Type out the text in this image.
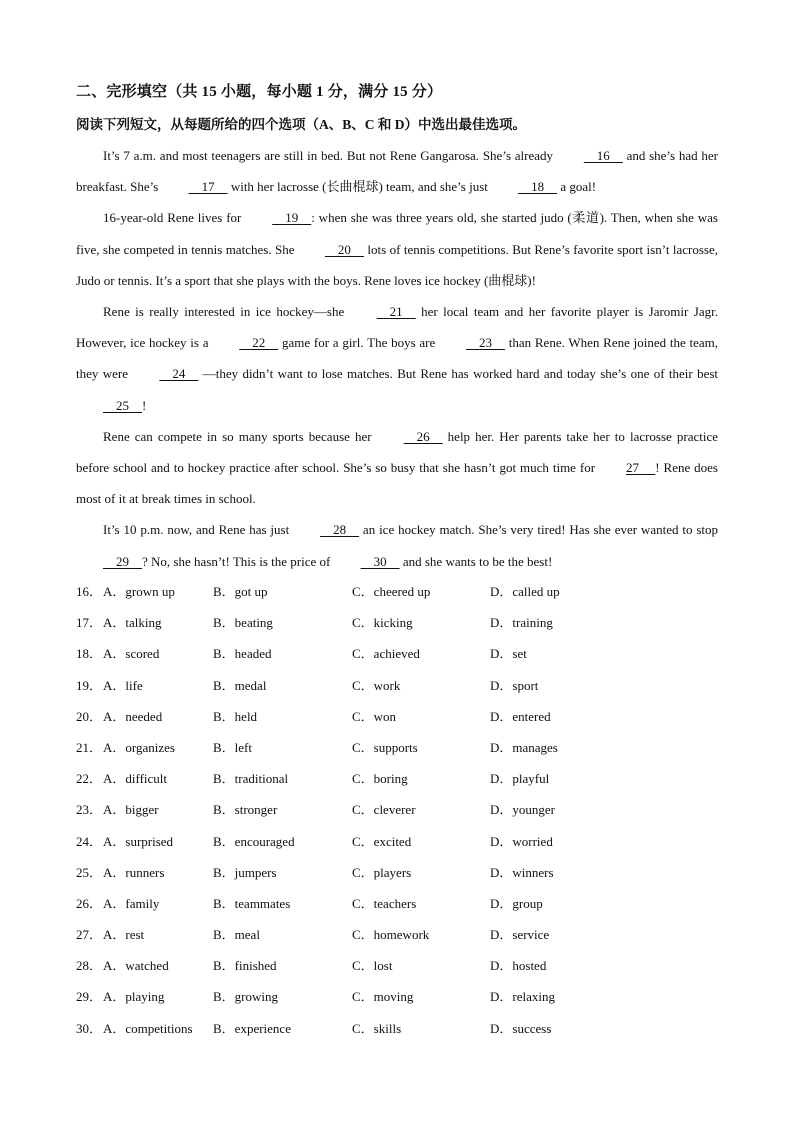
二、完形填空（共 15 小题，每小题 1 分，满分 15 分）
阅读下列短文，从每题所给的四个选项（A、B、C 和 D）中选出最佳选项。

It’s 7 a.m. and most teenagers are still in bed. But not Rene Gangarosa. She’s already     16     and she’s had her breakfast. She’s     17     with her lacrosse (长曲棍球) team, and she’s just     18     a goal!

16-year-old Rene lives for     19    : when she was three years old, she started judo (柔道). Then, when she was five, she competed in tennis matches. She     20     lots of tennis competitions. But Rene’s favorite sport isn’t lacrosse, Judo or tennis. It’s a sport that she plays with the boys. Rene loves ice hockey (曲棍球)!

Rene is really interested in ice hockey—she     21     her local team and her favorite player is Jaromir Jagr. However, ice hockey is a     22     game for a girl. The boys are     23     than Rene. When Rene joined the team, they were     24     —they didn’t want to lose matches. But Rene has worked hard and today she’s one of their best     25    !

Rene can compete in so many sports because her     26     help her. Her parents take her to lacrosse practice before school and to hockey practice after school. She’s so busy that she hasn’t got much time for 27     ! Rene does most of it at break times in school.

It’s 10 p.m. now, and Rene has just     28     an ice hockey match. She’s very tired! Has she ever wanted to stop     29    ? No, she hasn’t! This is the price of     30     and she wants to be the best!

16． A．grown up	B．got up	C．cheered up	D．called up
17． A．talking	B．beating	C．kicking	D．training
18． A．scored	B．headed	C．achieved	D．set
19． A．life	B．medal	C．work	D．sport
20． A．needed	B．held	C．won	D．entered
21． A．organizes	B．left	C．supports	D．manages
22． A．difficult	B．traditional	C．boring	D．playful
23． A．bigger	B．stronger	C．cleverer	D．younger
24． A．surprised	B．encouraged	C．excited	D．worried
25． A．runners	B．jumpers	C．players	D．winners
26． A．family	B．teammates	C．teachers	D．group
27． A．rest	B．meal	C．homework	D．service
28． A．watched	B．finished	C．lost	D．hosted
29． A．playing	B．growing	C．moving	D．relaxing
30． A．competitions B．experience	C．skills	D．success
